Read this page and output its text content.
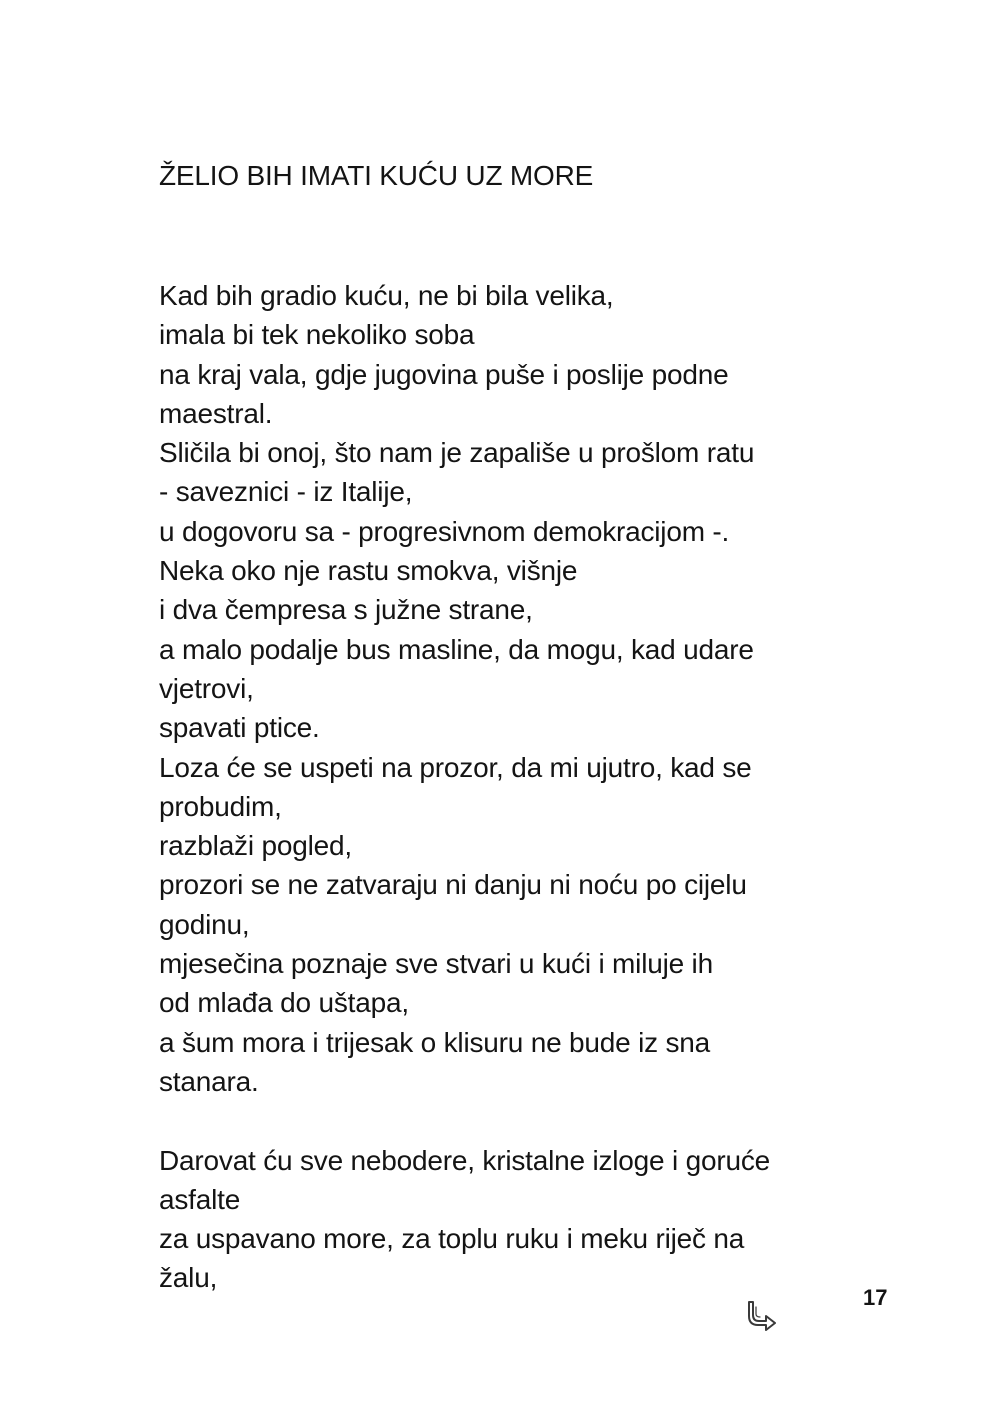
ŽELIO BIH IMATI KUĆU UZ MORE
Kad bih gradio kuću, ne bi bila velika,
imala bi tek nekoliko soba
na kraj vala, gdje jugovina puše i poslije podne
maestral.
Sličila bi onoj, što nam je zapališe u prošlom ratu
- saveznici - iz Italije,
u dogovoru sa - progresivnom demokracijom -.
Neka oko nje rastu smokva, višnje
i dva čempresa s južne strane,
a malo podalje bus masline, da mogu, kad udare
vjetrovi,
spavati ptice.
Loza će se uspeti na prozor, da mi ujutro, kad se
probudim,
razblaži pogled,
prozori se ne zatvaraju ni danju ni noću po cijelu
godinu,
mjesečina poznaje sve stvari u kući i miluje ih
od mlađa do uštapa,
a šum mora i trijesak o klisuru ne bude iz sna
stanara.
Darovat ću sve nebodere, kristalne izloge i goruće
asfalte
za uspavano more, za toplu ruku i meku riječ na
žalu,
17
